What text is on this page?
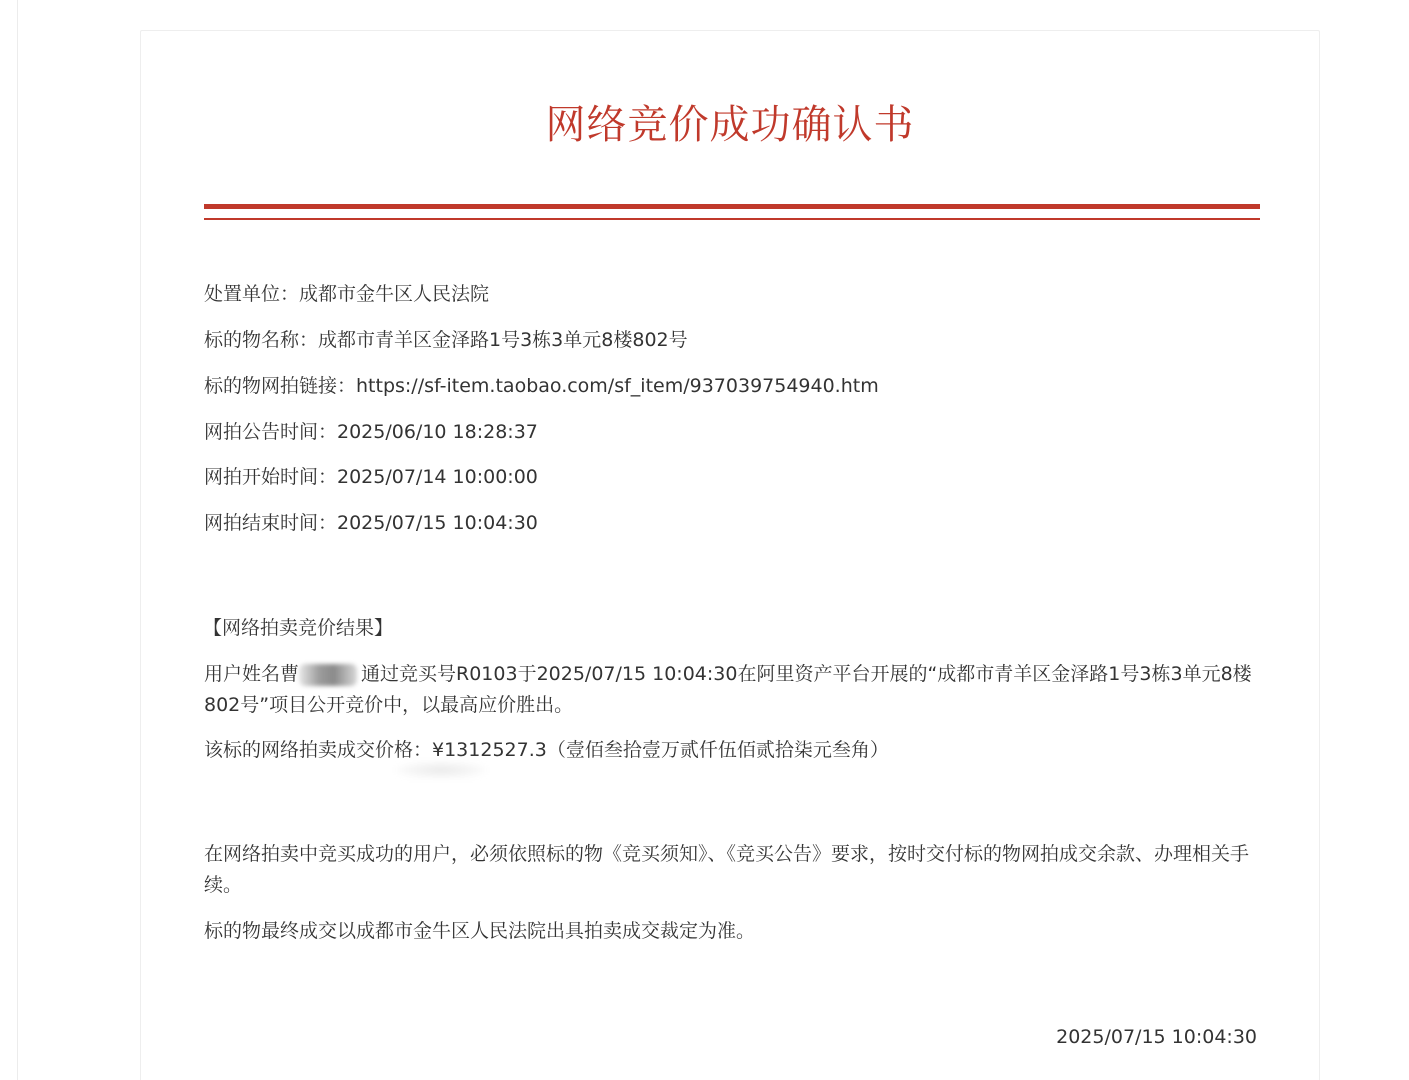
网络竞价成功确认书
处置单位：成都市金牛区人民法院
标的物名称：成都市青羊区金泽路1号3栋3单元8楼802号
标的物网拍链接：https://sf-item.taobao.com/sf_item/937039754940.htm
网拍公告时间：2025/06/10 18:28:37
网拍开始时间：2025/07/14 10:00:00
网拍结束时间：2025/07/15 10:04:30
【网络拍卖竞价结果】
用户姓名曹	通过竞买号R0103于2025/07/15 10:04:30在阿里资产平台开展的“成都市青羊区金泽路1号3栋3单元8楼802号”项目公开竞价中，以最高应价胜出。
该标的网络拍卖成交价格：¥1312527.3（壹佰叁拾壹万贰仟伍佰贰拾柒元叁角）
在网络拍卖中竞买成功的用户，必须依照标的物《竞买须知》、《竞买公告》要求，按时交付标的物网拍成交余款、办理相关手续。
标的物最终成交以成都市金牛区人民法院出具拍卖成交裁定为准。
2025/07/15 10:04:30
